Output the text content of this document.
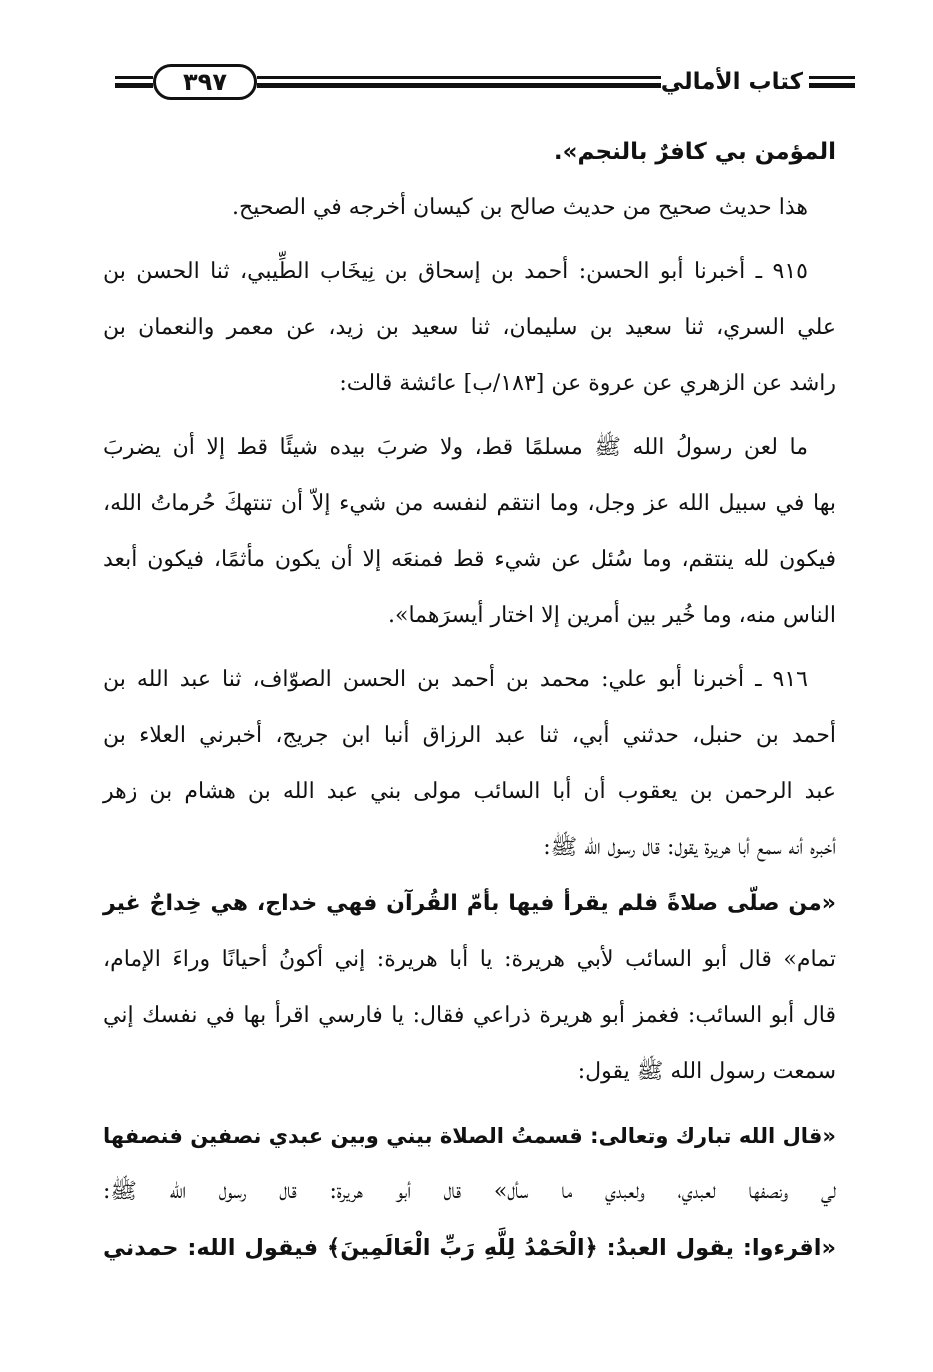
٣٩٧	كتاب الأمالي
المؤمن بي كافرٌ بالنجم».
هذا حديث صحيح من حديث صالح بن كيسان أخرجه في الصحيح.
٩١٥ ـ أخبرنا أبو الحسن: أحمد بن إسحاق بن نِيخَاب الطِّيبي، ثنا الحسن بن
علي السري، ثنا سعيد بن سليمان، ثنا سعيد بن زيد، عن معمر والنعمان بن
راشد عن الزهري عن عروة عن [١٨٣/ب] عائشة قالت:
ما لعن رسولُ الله ﷺ مسلمًا قط، ولا ضربَ بيده شيئًا قط إلا أن يضربَ
بها في سبيل الله عز وجل، وما انتقم لنفسه من شيء إلاّ أن تنتهكَ حُرماتُ الله،
فيكون لله ينتقم، وما سُئل عن شيء قط فمنعَه إلا أن يكون مأثمًا، فيكون أبعد
الناس منه، وما خُير بين أمرين إلا اختار أيسرَهما».
٩١٦ ـ أخبرنا أبو علي: محمد بن أحمد بن الحسن الصوّاف، ثنا عبد الله بن
أحمد بن حنبل، حدثني أبي، ثنا عبد الرزاق أنبا ابن جريج، أخبرني العلاء بن
عبد الرحمن بن يعقوب أن أبا السائب مولى بني عبد الله بن هشام بن زهر
أخبره أنه سمع أبا هريرة يقول: قال رسول الله ﷺ:
«من صلّى صلاةً فلم يقرأ فيها بأمّ القُرآن فهي خداج، هي خِداجٌ غير
تمام» قال أبو السائب لأبي هريرة: يا أبا هريرة: إني أكونُ أحيانًا وراءَ الإمام،
قال أبو السائب: فغمز أبو هريرة ذراعي فقال: يا فارسي اقرأ بها في نفسك إني
سمعت رسول الله ﷺ يقول:
«قال الله تبارك وتعالى: قسمتُ الصلاة بيني وبين عبدي نصفين فنصفها
لي ونصفها لعبدي، ولعبدي ما سأل» قال أبو هريرة: قال رسول الله ﷺ:
«اقرءوا: يقول العبدُ: ﴿الْحَمْدُ لِلَّهِ رَبِّ الْعَالَمِينَ﴾ فيقول الله: حمدني
